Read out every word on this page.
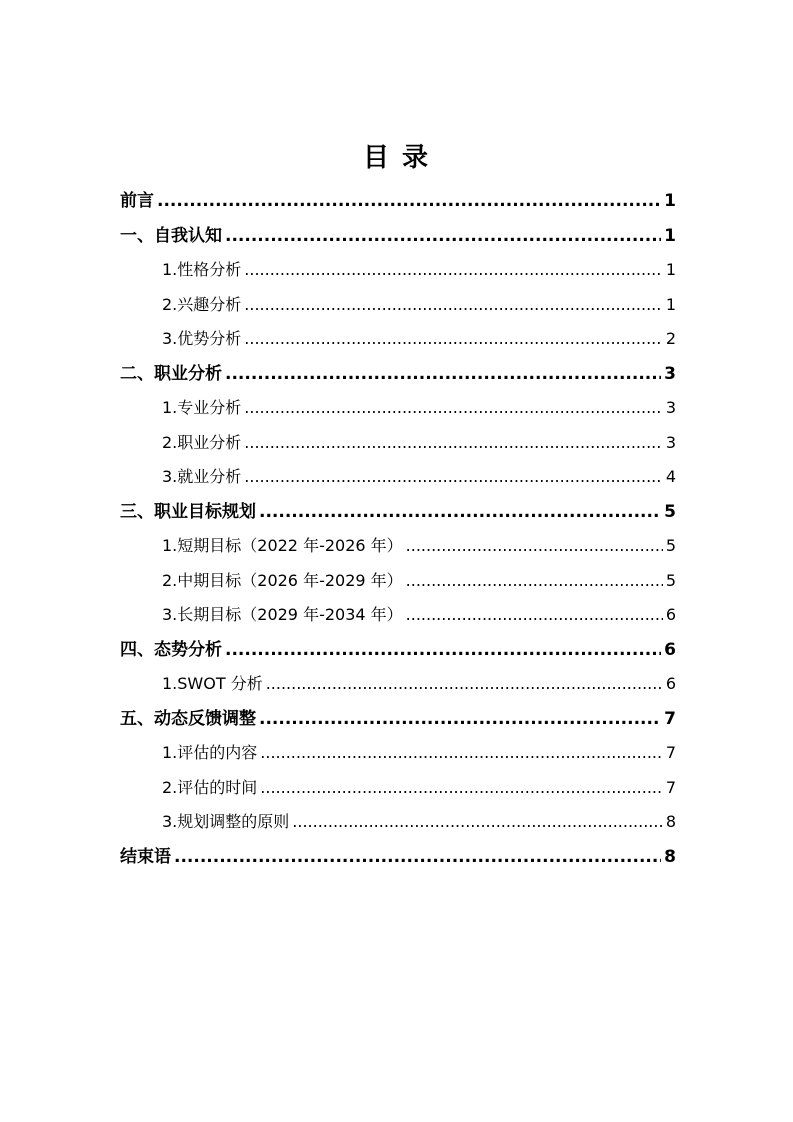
目 录
前言 .....	1
一、自我认知 .....	1
1.性格分析 .....	1
2.兴趣分析 .....	1
3.优势分析 .....	2
二、职业分析 .....	3
1.专业分析 .....	3
2.职业分析 .....	3
3.就业分析 .....	4
三、职业目标规划 .....	5
1.短期目标（2022 年-2026 年） .....	5
2.中期目标（2026 年-2029 年） .....	5
3.长期目标（2029 年-2034 年） .....	6
四、态势分析 .....	6
1.SWOT 分析 .....	6
五、动态反馈调整 .....	7
1.评估的内容 .....	7
2.评估的时间 .....	7
3.规划调整的原则 .....	8
结束语 .....	8
